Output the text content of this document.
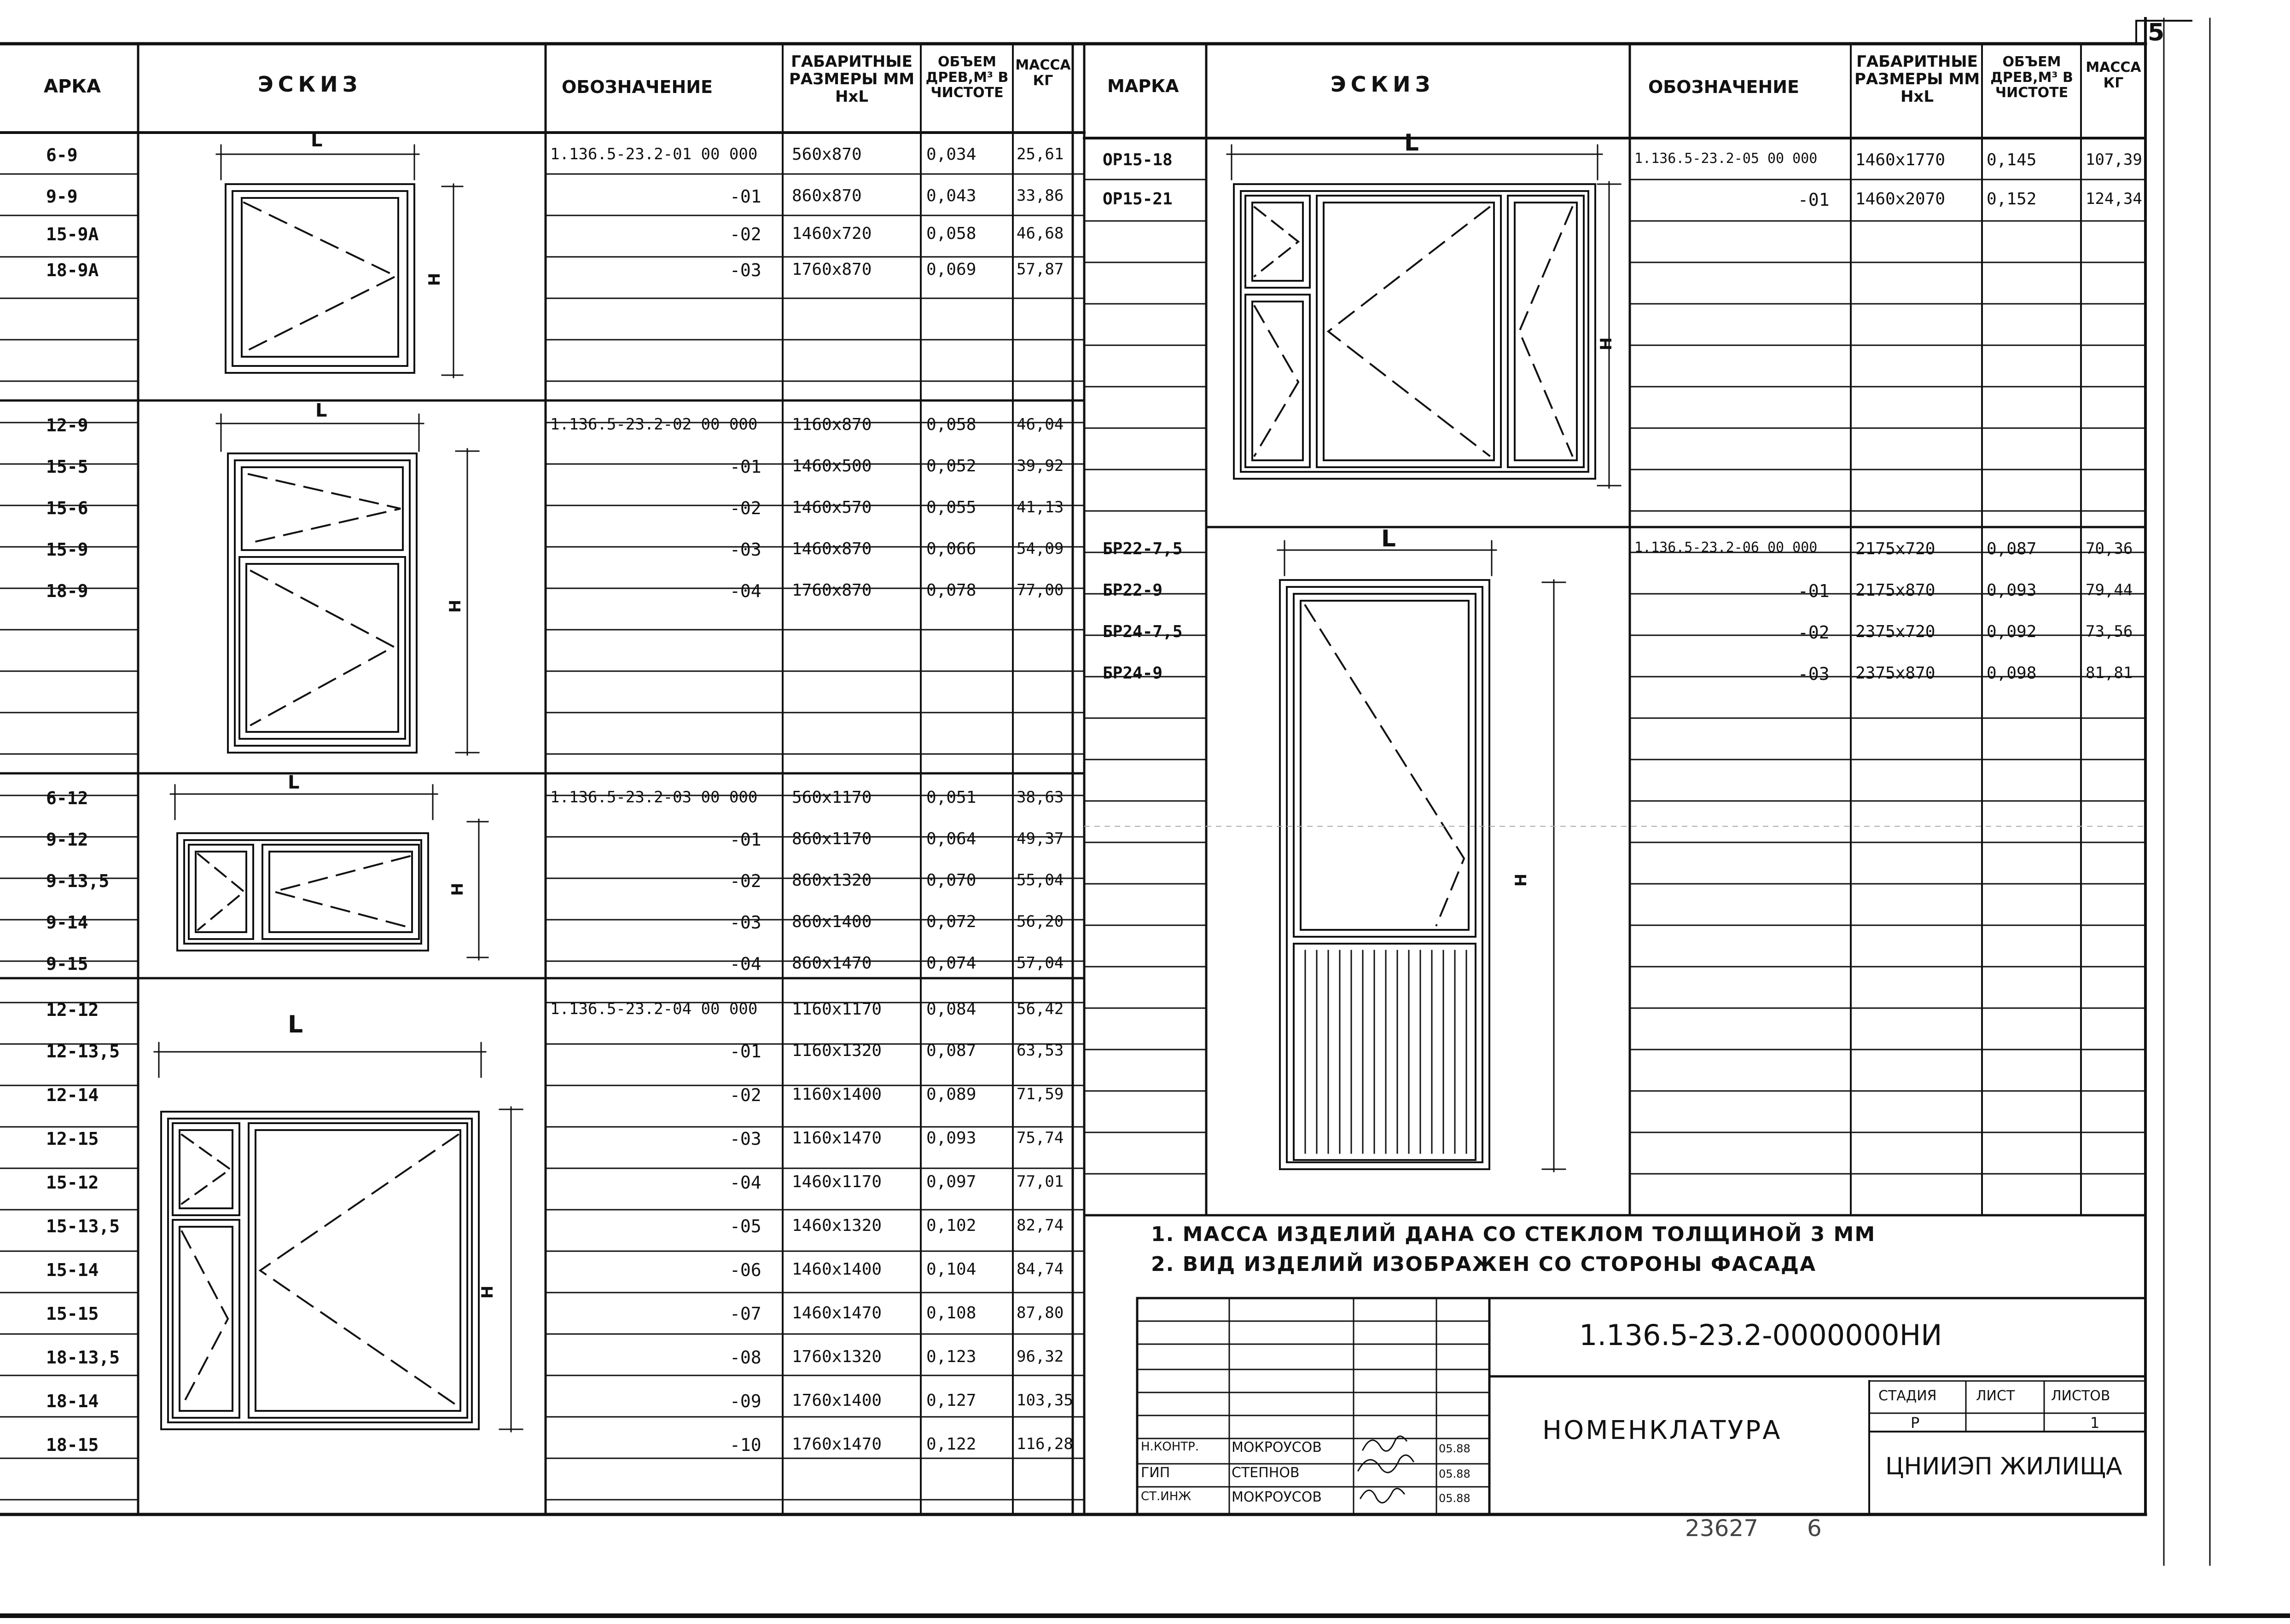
АРКА	ЭСКИЗ	ОБОЗНАЧЕНИЕ
ГАБАРИТНЫЕ РАЗМЕРЫ ММ HxL
ОБЪЕМ ДРЕВ,М³ В ЧИСТОТЕ
МАССА КГ	МАРКА	ЭСКИЗ	ОБОЗНАЧЕНИЕ
ГАБАРИТНЫЕ РАЗМЕРЫ ММ HxL
ОБЪЕМ ДРЕВ,М³ В ЧИСТОТЕ
МАССА КГ
5
L
H
L
H
L
H
L
H
L
H
L
H
6-9	1.136.5-23.2-01 00 000 560x870	0,034	25,61
9-9	-01 860x870	0,043	33,86
15-9А	-02 1460x720	0,058	46,68
18-9А	-03 1760x870	0,069	57,87
12-9	1.136.5-23.2-02 00 000 1160x870	0,058	46,04
15-5	-01 1460x500	0,052	39,92
15-6	-02 1460x570	0,055	41,13
15-9	-03 1460x870	0,066	54,09
18-9	-04 1760x870	0,078	77,00
6-12	1.136.5-23.2-03 00 000 560x1170	0,051	38,63
9-12	-01 860x1170	0,064	49,37
9-13,5	-02 860x1320	0,070	55,04
9-14	-03 860x1400	0,072	56,20
9-15	-04 860x1470	0,074	57,04
12-12	1.136.5-23.2-04 00 000 1160x1170	0,084	56,42
12-13,5	-01 1160x1320	0,087	63,53
12-14	-02 1160x1400	0,089	71,59
12-15	-03 1160x1470	0,093	75,74
15-12	-04 1460x1170	0,097	77,01
15-13,5	-05 1460x1320	0,102	82,74
15-14	-06 1460x1400	0,104	84,74
15-15	-07 1460x1470	0,108	87,80
18-13,5	-08 1760x1320	0,123	96,32
18-14	-09 1760x1400	0,127	103,35
18-15	-10 1760x1470	0,122	116,28
ОР15-18	1.136.5-23.2-05 00 000 1460x1770 0,145	107,39
ОР15-21	-01 1460x2070 0,152	124,34
БР22-7,5	1.136.5-23.2-06 00 000 2175x720	0,087	70,36
БР22-9	-01 2175x870	0,093	79,44
БР24-7,5	-02 2375x720	0,092	73,56
БР24-9	-03 2375x870	0,098	81,81
1. МАССА ИЗДЕЛИЙ ДАНА СО СТЕКЛОМ ТОЛЩИНОЙ 3 ММ
2. ВИД ИЗДЕЛИЙ ИЗОБРАЖЕН СО СТОРОНЫ ФАСАДА
1.136.5-23.2-0000000НИ
НОМЕНКЛАТУРА
СТАДИЯ	ЛИСТ	ЛИСТОВ
Р	1
ЦНИИЭП ЖИЛИЩА
Н.КОНТР. МОКРОУСОВ	05.88
ГИП	СТЕПНОВ	05.88
СТ.ИНЖ	МОКРОУСОВ	05.88
23627 6
